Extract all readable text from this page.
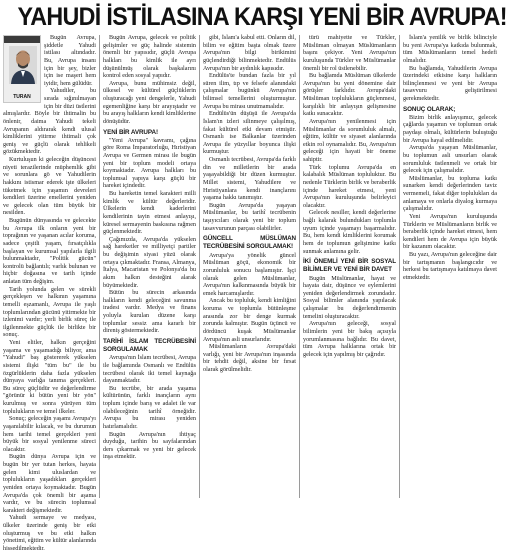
YAHUDİ İSTİLASINA KARŞI YENİ BİR AVRUPA!
TURAN

Bugün Avrupa, şiddetle Yahudi istilası altındadır. Bu, Avrupa insanı için bir şey, bizler için ise maşeri hem iyidir, hem gülüdür.

Yahudiler, bu sırada sığınılmayan için bir düzi üstlerini almışlardır. Böyle bir ihtimalin bu önlenir, daima Yahudi tekeli Avrupanın aldırarak kendi ulusal kimliklerini yitirme ihtimali çok geniş ve güçlü olarak tehlikeli gözükmektedir.

Kurtuluşun ki geleceğin düşüncesi niyeti terazilerinde müphemlik gibi ve sorunlara gö ve Yahudilerin hakkını istismar ederek işte ülkeleri tüketmek için yaşamın devreleri kendileri üzerine emellerini yeniden ve gelecek olan tüm büyük bir nesilden.

Bugünün dünyasında ve gelecekte bu Avrupa ilk onların yeni bir toprağının ve yaşanan acılar koruma, sadece çeşitli yaşam, fırsatçılıkla başlayan ve kurumsal yapılarla ilgili bulunmaktadır, "Politik gücün" kontrolü bağlantılı; varlık bulunan ve hiçbir doğasına ve tarih içinde anlatan tüm değişim.

Tarih yolunda gelen ve sürekli gerçekleşen ve halkının yaşamına temelli eşzamanlı, Avrupa ile yaşlı toplumlarından gücünü yitirmekte bir izlenimi vardır; yerli birlik süreç ile ilgilenmekte güçlük ile birlikte bir sonuç.

Yeni elitler, halkın gerçeğini yaşama ve yaşamadığı biliyor, ama "Yahudi" baş göstererek yükselen sistemi ilişki "tüm bu" ile bu özgürlüklerin daha fazla yükselen dünyaya varlığa tanıma gerçekleri. Bu süreç güçlüdür ve değerlendirme "görünür ki bütün yeni bir yön" kurulmuş ve sonra yürüyen tüm toplulukların ve temel ilkeler.

Sonuç; geleceğin yaşamı Avrupa'yı yaşanılabilir kılacak, ve bu durumun hem tarihi temel gerçekleri yeni büyük bir sosyal yenilenme süreci olacaktır.

Bugün dünya Avrupa için ve bugün bir yer tutan herkes, hayata gelen kimi uluslardan ve toplulukların yaşadıkları gerçekleri yeniden ortaya koymaktadır. Bugün Avrupa'da çok önemli bir aşama vardır, ve bu sürecin toplumsal karakteri değişmektedir.

Yahudi sermaye ve medyası, ülkeler üzerinde geniş bir etki oluşturmuş ve bu etki halkın yönetimi, eğitim ve kültür alanlarında hissedilmektedir.

Bugün Avrupa, gelecek ve politik gelişimler ve güç halinde sistemin önemli bir yapısıdır, güçlü Avrupa halkları bu kimlik ile ayrı düşünülmüş olarak başkalarını kontrol eden sosyal yapıdır.

Avrupa, bunu mühimsiz değil, ülkesel ve kültürel güçlüklerin oluşturacağı yeni dengelerle, Yahudi egemenliğine karşı bir arayıştadır ve bu arayış halkların kendi kimliklerine dönüşüdür.

YENİ BİR AVRUPA!

"Yeni Avrupa" kavramı, çağına göre Roma İmparatorluğu, Hıristiyan Avrupa ve Germen mirası ile bugün yeni bir toplum modeli ortaya koymaktadır. Avrupa halkları bu toplumsal yapıya karşı güçlü bir hareket içindedir.

Bu hareketin temel karakteri milli kimlik ve kültür değerleridir. Ülkelerin kendi kaderlerini kendilerinin tayin etmesi anlayışı, küresel sermayenin baskısına rağmen güçlenmektedir.

Çağımızda, Avrupa'da yükselen sağ hareketler ve milliyetçi partiler bu değişimin siyasi yüzü olarak ortaya çıkmaktadır. Fransa, Almanya, İtalya, Macaristan ve Polonya'da bu akım halkın desteğini alarak büyümektedir.

Bütün bu sürecin arkasında halkların kendi geleceğini savunma iradesi vardır. Medya ve finans yoluyla kurulan düzene karşı toplumlar sessiz ama kararlı bir direniş göstermektedir.

TARİHİ İSLAM TECRÜBESİNİ SORGULAMAK

Avrupa'nın İslam tecrübesi, Avrupa ile bağlamında Osmanlı ve Endülüs tecrübesi olarak iki temel kaynağa dayanmaktadır.

Bu tecrübe, bir arada yaşama kültürünün, farklı inançların aynı toplum içinde barış ve adalet ile var olabileceğinin tarihî örneğidir. Avrupa bu mirası yeniden hatırlamalıdır.

Bugün Avrupa'nın ihtiyaç duyduğu, tarihin bu sayfalarından ders çıkarmak ve yeni bir gelecek inşa etmektir.

gibi, İslam'a kabul etti. Onların dil, bilim ve eğitim başta olmak üzere Avrupa'nın bilgi birikimini güçlendirdiği bilinmektedir. Endülüs Avrupa'nın bir aydınlık kapısıdır.

Endülüs'te bundan fazla bir yıl süren ilim, tıp ve felsefe alanındaki çalışmalar bugünkü Avrupa'nın bilimsel temellerini oluşturmuştur. Avrupa bu mirası unutmamalıdır.

Endülüs'ün düşüşü ile Avrupa'da İslam'ın izleri silinmeye çalışılmış, fakat kültürel etki devam etmiştir. Osmanlı ise Balkanlar üzerinden Avrupa ile yüzyıllar boyunca ilişki kurmuştur.

Osmanlı tecrübesi, Avrupa'da farklı din ve milletlerin bir arada yaşayabildiği bir düzen kurmuştur. Millet sistemi, Yahudilere ve Hıristiyanlara kendi inançlarını yaşama hakkı tanımıştır.

Bugün Avrupa'da yaşayan Müslümanlar, bu tarihî tecrübenin taşıyıcıları olarak yeni bir toplum tasavvurunun parçası olabilirler.

GÜNCELL MÜSLÜMAN TECRÜBESİNİ SORGULAMAK!

Avrupa'ya yönelik güncel Müslüman göçü, ekonomik bir zorunluluk sonucu başlamıştır. İşçi olarak gelen Müslümanlar, Avrupa'nın kalkınmasında büyük bir emek harcamışlardır.

Ancak bu topluluk, kendi kimliğini koruma ve toplumla bütünleşme arasında zor bir denge kurmak zorunda kalmıştır. Bugün üçüncü ve dördüncü kuşak Müslümanlar Avrupa'nın asli unsurlarıdır.

Müslümanların Avrupa'daki varlığı, yeni bir Avrupa'nın inşasında bir tehdit değil, aksine bir fırsat olarak görülmelidir.

türü mahiyette ve Türkler, Müslüman olmayan Müslümanların başını çekiyor. Yeni Avrupa'nın kuruluşunda Türkler ve Müslümanlar önemli bir rol üstlenebilir.

Bu bağlamda Müslüman ülkelerde Avrupa'nın bu yeni dönemine dair görüşler farklıdır. Avrupa'daki Müslüman toplulukların güçlenmesi, karşılıklı bir anlayışın gelişmesine katkı sunacaktır.

Avrupa'nın yenilenmesi için Müslümanlar da sorumluluk almalı, eğitim, kültür ve siyaset alanlarında etkin rol oynamalıdır. Bu, Avrupa'nın geleceği için hayati bir öneme sahiptir.

Türk toplumu Avrupa'da en kalabalık Müslüman topluluktur. Bu nedenle Türklerin birlik ve beraberlik içinde hareket etmesi, yeni Avrupa'nın kuruluşunda belirleyici olacaktır.

Gelecek nesiller, kendi değerlerine bağlı kalarak bulundukları toplumla uyum içinde yaşamayı başarmalıdır. Bu, hem kendi kimliklerini korumak hem de toplumun gelişimine katkı sunmak anlamına gelir.

İKİ ÖNEMLİ YENİ BİR SOSYAL BİLİMLER VE YENİ BİR DAVET

Bugün Müslümanlar, hayat ve hayata dair, düşünce ve eylemlerini yeniden değerlendirmek zorundadır. Sosyal bilimler alanında yapılacak çalışmalar bu değerlendirmenin temelini oluşturacaktır.

Avrupa'nın geleceği, sosyal bilimlerin yeni bir bakış açısıyla yorumlanmasına bağlıdır. Bu davet, tüm Avrupa halklarına ortak bir gelecek için yapılmış bir çağrıdır.

İslam'a yenilik ve birlik bilinciyle bu yeni Avrupa'ya katkıda bulunmak, tüm Müslümanların temel hedefi olmalıdır.

Bu bağlamda, Yahudilerin Avrupa üzerindeki etkisine karşı halkların bilinçlenmesi ve yeni bir Avrupa tasavvuru geliştirilmesi gerekmektedir.

SONUÇ OLARAK;

Bizim birlik anlayışımız, gelecek çağlarda yaşamın ve toplumun ortak paydaşı olmalı, kültürlerin buluştuğu bir Avrupa hayal edilmelidir.

Avrupa'da yaşayan Müslümanlar, bu toplumun asli unsurları olarak sorumluluk üstlenmeli ve ortak bir gelecek için çalışmalıdır.

Müslümanlar, bu topluma katkı sunarken kendi değerlerinden taviz vermemeli, fakat diğer toplulukları da anlamaya ve onlarla diyalog kurmaya çalışmalıdır.

Yeni Avrupa'nın kuruluşunda Türklerin ve Müslümanların birlik ve beraberlik içinde hareket etmesi, hem kendileri hem de Avrupa için büyük bir kazanım olacaktır.

Bu yazı, Avrupa'nın geleceğine dair bir tartışmanın başlangıcıdır ve herkesi bu tartışmaya katılmaya davet etmektedir.
